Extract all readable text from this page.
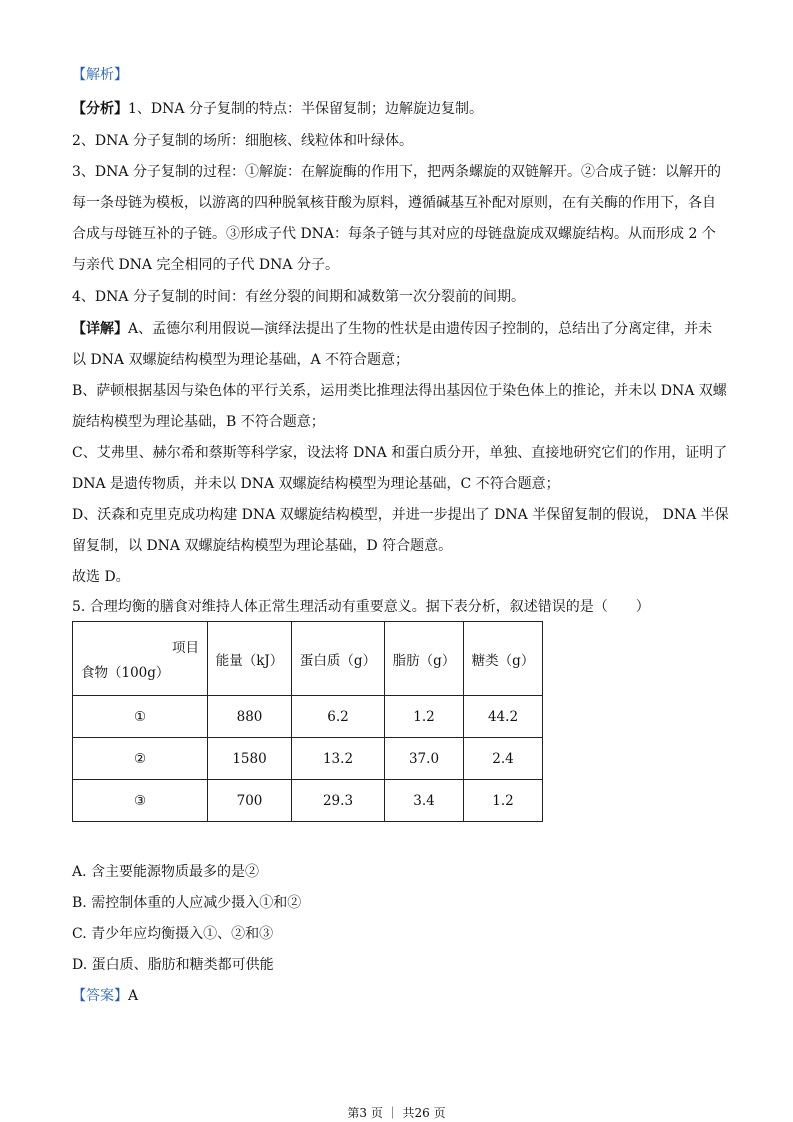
【解析】
【分析】1、DNA 分子复制的特点：半保留复制；边解旋边复制。
2、DNA 分子复制的场所：细胞核、线粒体和叶绿体。
3、DNA 分子复制的过程：①解旋：在解旋酶的作用下，把两条螺旋的双链解开。②合成子链：以解开的
每一条母链为模板，以游离的四种脱氧核苷酸为原料，遵循碱基互补配对原则，在有关酶的作用下，各自
合成与母链互补的子链。③形成子代 DNA：每条子链与其对应的母链盘旋成双螺旋结构。从而形成 2 个
与亲代 DNA 完全相同的子代 DNA 分子。
4、DNA 分子复制的时间：有丝分裂的间期和减数第一次分裂前的间期。
【详解】A、孟德尔利用假说—演绎法提出了生物的性状是由遗传因子控制的，总结出了分离定律，并未
以 DNA 双螺旋结构模型为理论基础，A 不符合题意；
B、萨顿根据基因与染色体的平行关系，运用类比推理法得出基因位于染色体上的推论，并未以 DNA 双螺
旋结构模型为理论基础，B 不符合题意；
C、艾弗里、赫尔希和蔡斯等科学家，设法将 DNA 和蛋白质分开，单独、直接地研究它们的作用，证明了
DNA 是遗传物质，并未以 DNA 双螺旋结构模型为理论基础，C 不符合题意；
D、沃森和克里克成功构建 DNA 双螺旋结构模型，并进一步提出了 DNA 半保留复制的假说， DNA 半保
留复制，以 DNA 双螺旋结构模型为理论基础，D 符合题意。
故选 D。
5. 合理均衡的膳食对维持人体正常生理活动有重要意义。据下表分析，叙述错误的是（　　）
项目
食物（100g）	能量（kJ）	蛋白质（g）	脂肪（g）	糖类（g）
①	880	6.2	1.2	44.2
②	1580	13.2	37.0	2.4
③	700	29.3	3.4	1.2
A. 含主要能源物质最多的是②
B. 需控制体重的人应减少摄入①和②
C. 青少年应均衡摄入①、②和③
D. 蛋白质、脂肪和糖类都可供能
【答案】A
第3 页 ｜ 共26 页
